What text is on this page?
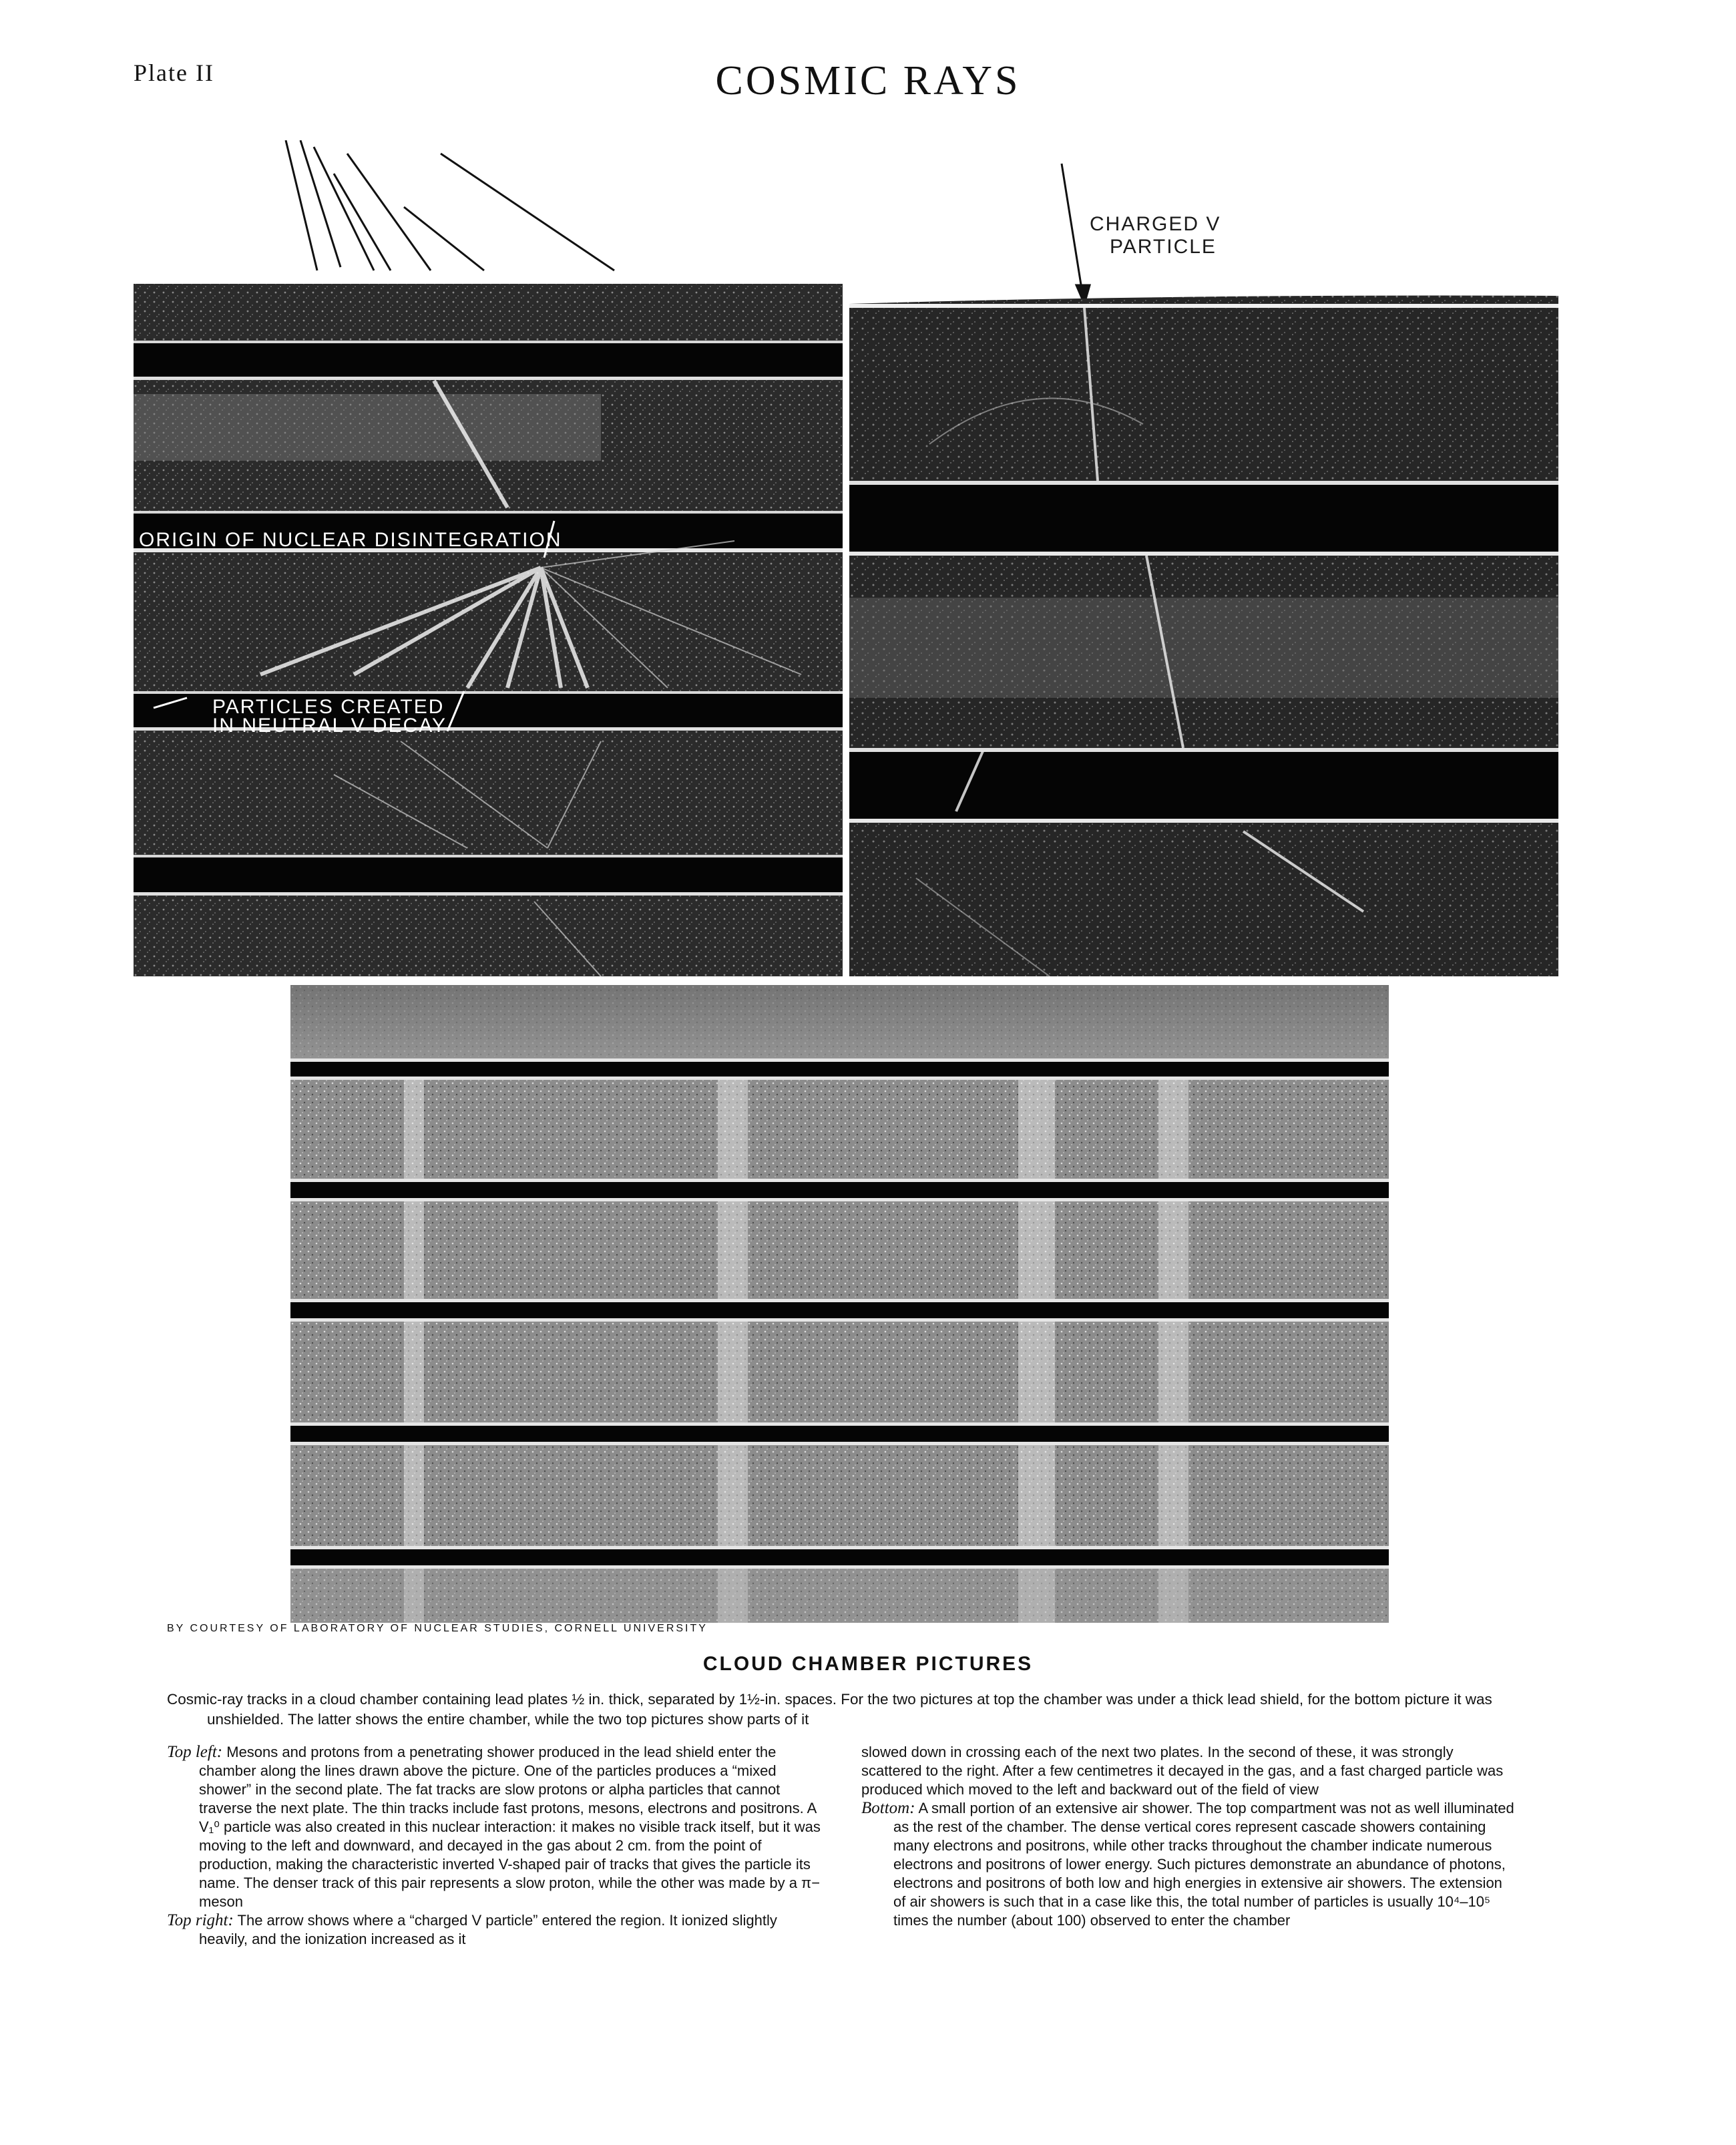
Plate II	COSMIC RAYS
ORIGIN OF NUCLEAR DISINTEGRATION
PARTICLES CREATED
IN NEUTRAL V DECAY
CHARGED V
PARTICLE
BY COURTESY OF LABORATORY OF NUCLEAR STUDIES, CORNELL UNIVERSITY
CLOUD CHAMBER PICTURES
Cosmic-ray tracks in a cloud chamber containing lead plates ½ in. thick, separated by 1½-in. spaces. For the two pictures at top the chamber was under a thick lead shield, for the bottom picture it was unshielded. The latter shows the entire chamber, while the two top pictures show parts of it

Top left: Mesons and protons from a penetrating shower produced in the lead shield enter the chamber along the lines drawn above the picture. One of the particles produces a “mixed shower” in the second plate. The fat tracks are slow protons or alpha particles that cannot traverse the next plate. The thin tracks include fast protons, mesons, electrons and positrons. A V₁⁰ particle was also created in this nuclear interaction: it makes no visible track itself, but it was moving to the left and downward, and decayed in the gas about 2 cm. from the point of production, making the characteristic inverted V-shaped pair of tracks that gives the particle its name. The denser track of this pair represents a slow proton, while the other was made by a π− meson

Top right: The arrow shows where a “charged V particle” entered the region. It ionized slightly heavily, and the ionization increased as it

slowed down in crossing each of the next two plates. In the second of these, it was strongly scattered to the right. After a few centimetres it decayed in the gas, and a fast charged particle was produced which moved to the left and backward out of the field of view

Bottom: A small portion of an extensive air shower. The top compartment was not as well illuminated as the rest of the chamber. The dense vertical cores represent cascade showers containing many electrons and positrons, while other tracks throughout the chamber indicate numerous electrons and positrons of lower energy. Such pictures demonstrate an abundance of photons, electrons and positrons of both low and high energies in extensive air showers. The extension of air showers is such that in a case like this, the total number of particles is usually 10⁴–10⁵ times the number (about 100) observed to enter the chamber
